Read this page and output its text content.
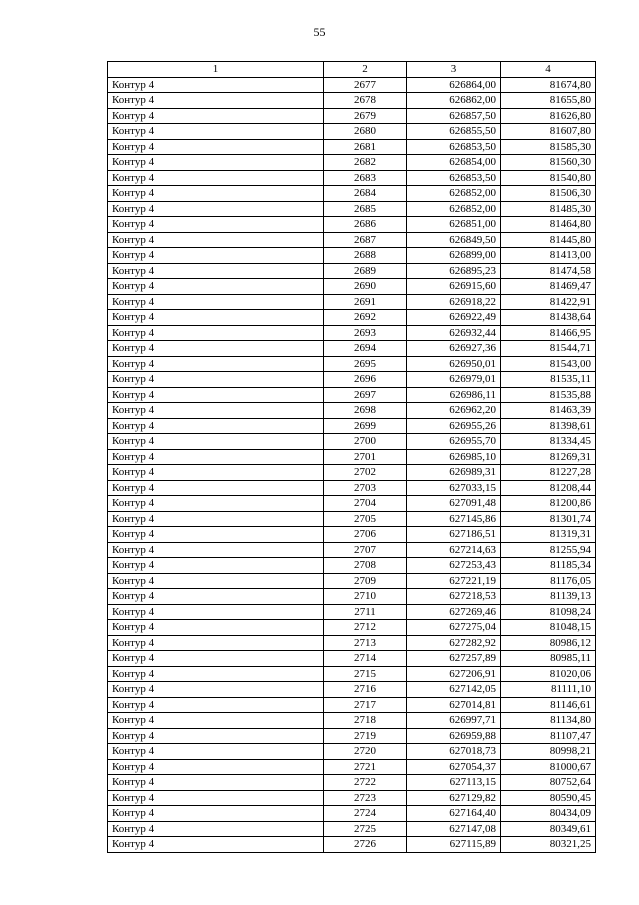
55
1	2	3	4
Контур 4	2677	626864,00	81674,80
Контур 4	2678	626862,00	81655,80
Контур 4	2679	626857,50	81626,80
Контур 4	2680	626855,50	81607,80
Контур 4	2681	626853,50	81585,30
Контур 4	2682	626854,00	81560,30
Контур 4	2683	626853,50	81540,80
Контур 4	2684	626852,00	81506,30
Контур 4	2685	626852,00	81485,30
Контур 4	2686	626851,00	81464,80
Контур 4	2687	626849,50	81445,80
Контур 4	2688	626899,00	81413,00
Контур 4	2689	626895,23	81474,58
Контур 4	2690	626915,60	81469,47
Контур 4	2691	626918,22	81422,91
Контур 4	2692	626922,49	81438,64
Контур 4	2693	626932,44	81466,95
Контур 4	2694	626927,36	81544,71
Контур 4	2695	626950,01	81543,00
Контур 4	2696	626979,01	81535,11
Контур 4	2697	626986,11	81535,88
Контур 4	2698	626962,20	81463,39
Контур 4	2699	626955,26	81398,61
Контур 4	2700	626955,70	81334,45
Контур 4	2701	626985,10	81269,31
Контур 4	2702	626989,31	81227,28
Контур 4	2703	627033,15	81208,44
Контур 4	2704	627091,48	81200,86
Контур 4	2705	627145,86	81301,74
Контур 4	2706	627186,51	81319,31
Контур 4	2707	627214,63	81255,94
Контур 4	2708	627253,43	81185,34
Контур 4	2709	627221,19	81176,05
Контур 4	2710	627218,53	81139,13
Контур 4	2711	627269,46	81098,24
Контур 4	2712	627275,04	81048,15
Контур 4	2713	627282,92	80986,12
Контур 4	2714	627257,89	80985,11
Контур 4	2715	627206,91	81020,06
Контур 4	2716	627142,05	81111,10
Контур 4	2717	627014,81	81146,61
Контур 4	2718	626997,71	81134,80
Контур 4	2719	626959,88	81107,47
Контур 4	2720	627018,73	80998,21
Контур 4	2721	627054,37	81000,67
Контур 4	2722	627113,15	80752,64
Контур 4	2723	627129,82	80590,45
Контур 4	2724	627164,40	80434,09
Контур 4	2725	627147,08	80349,61
Контур 4	2726	627115,89	80321,25
